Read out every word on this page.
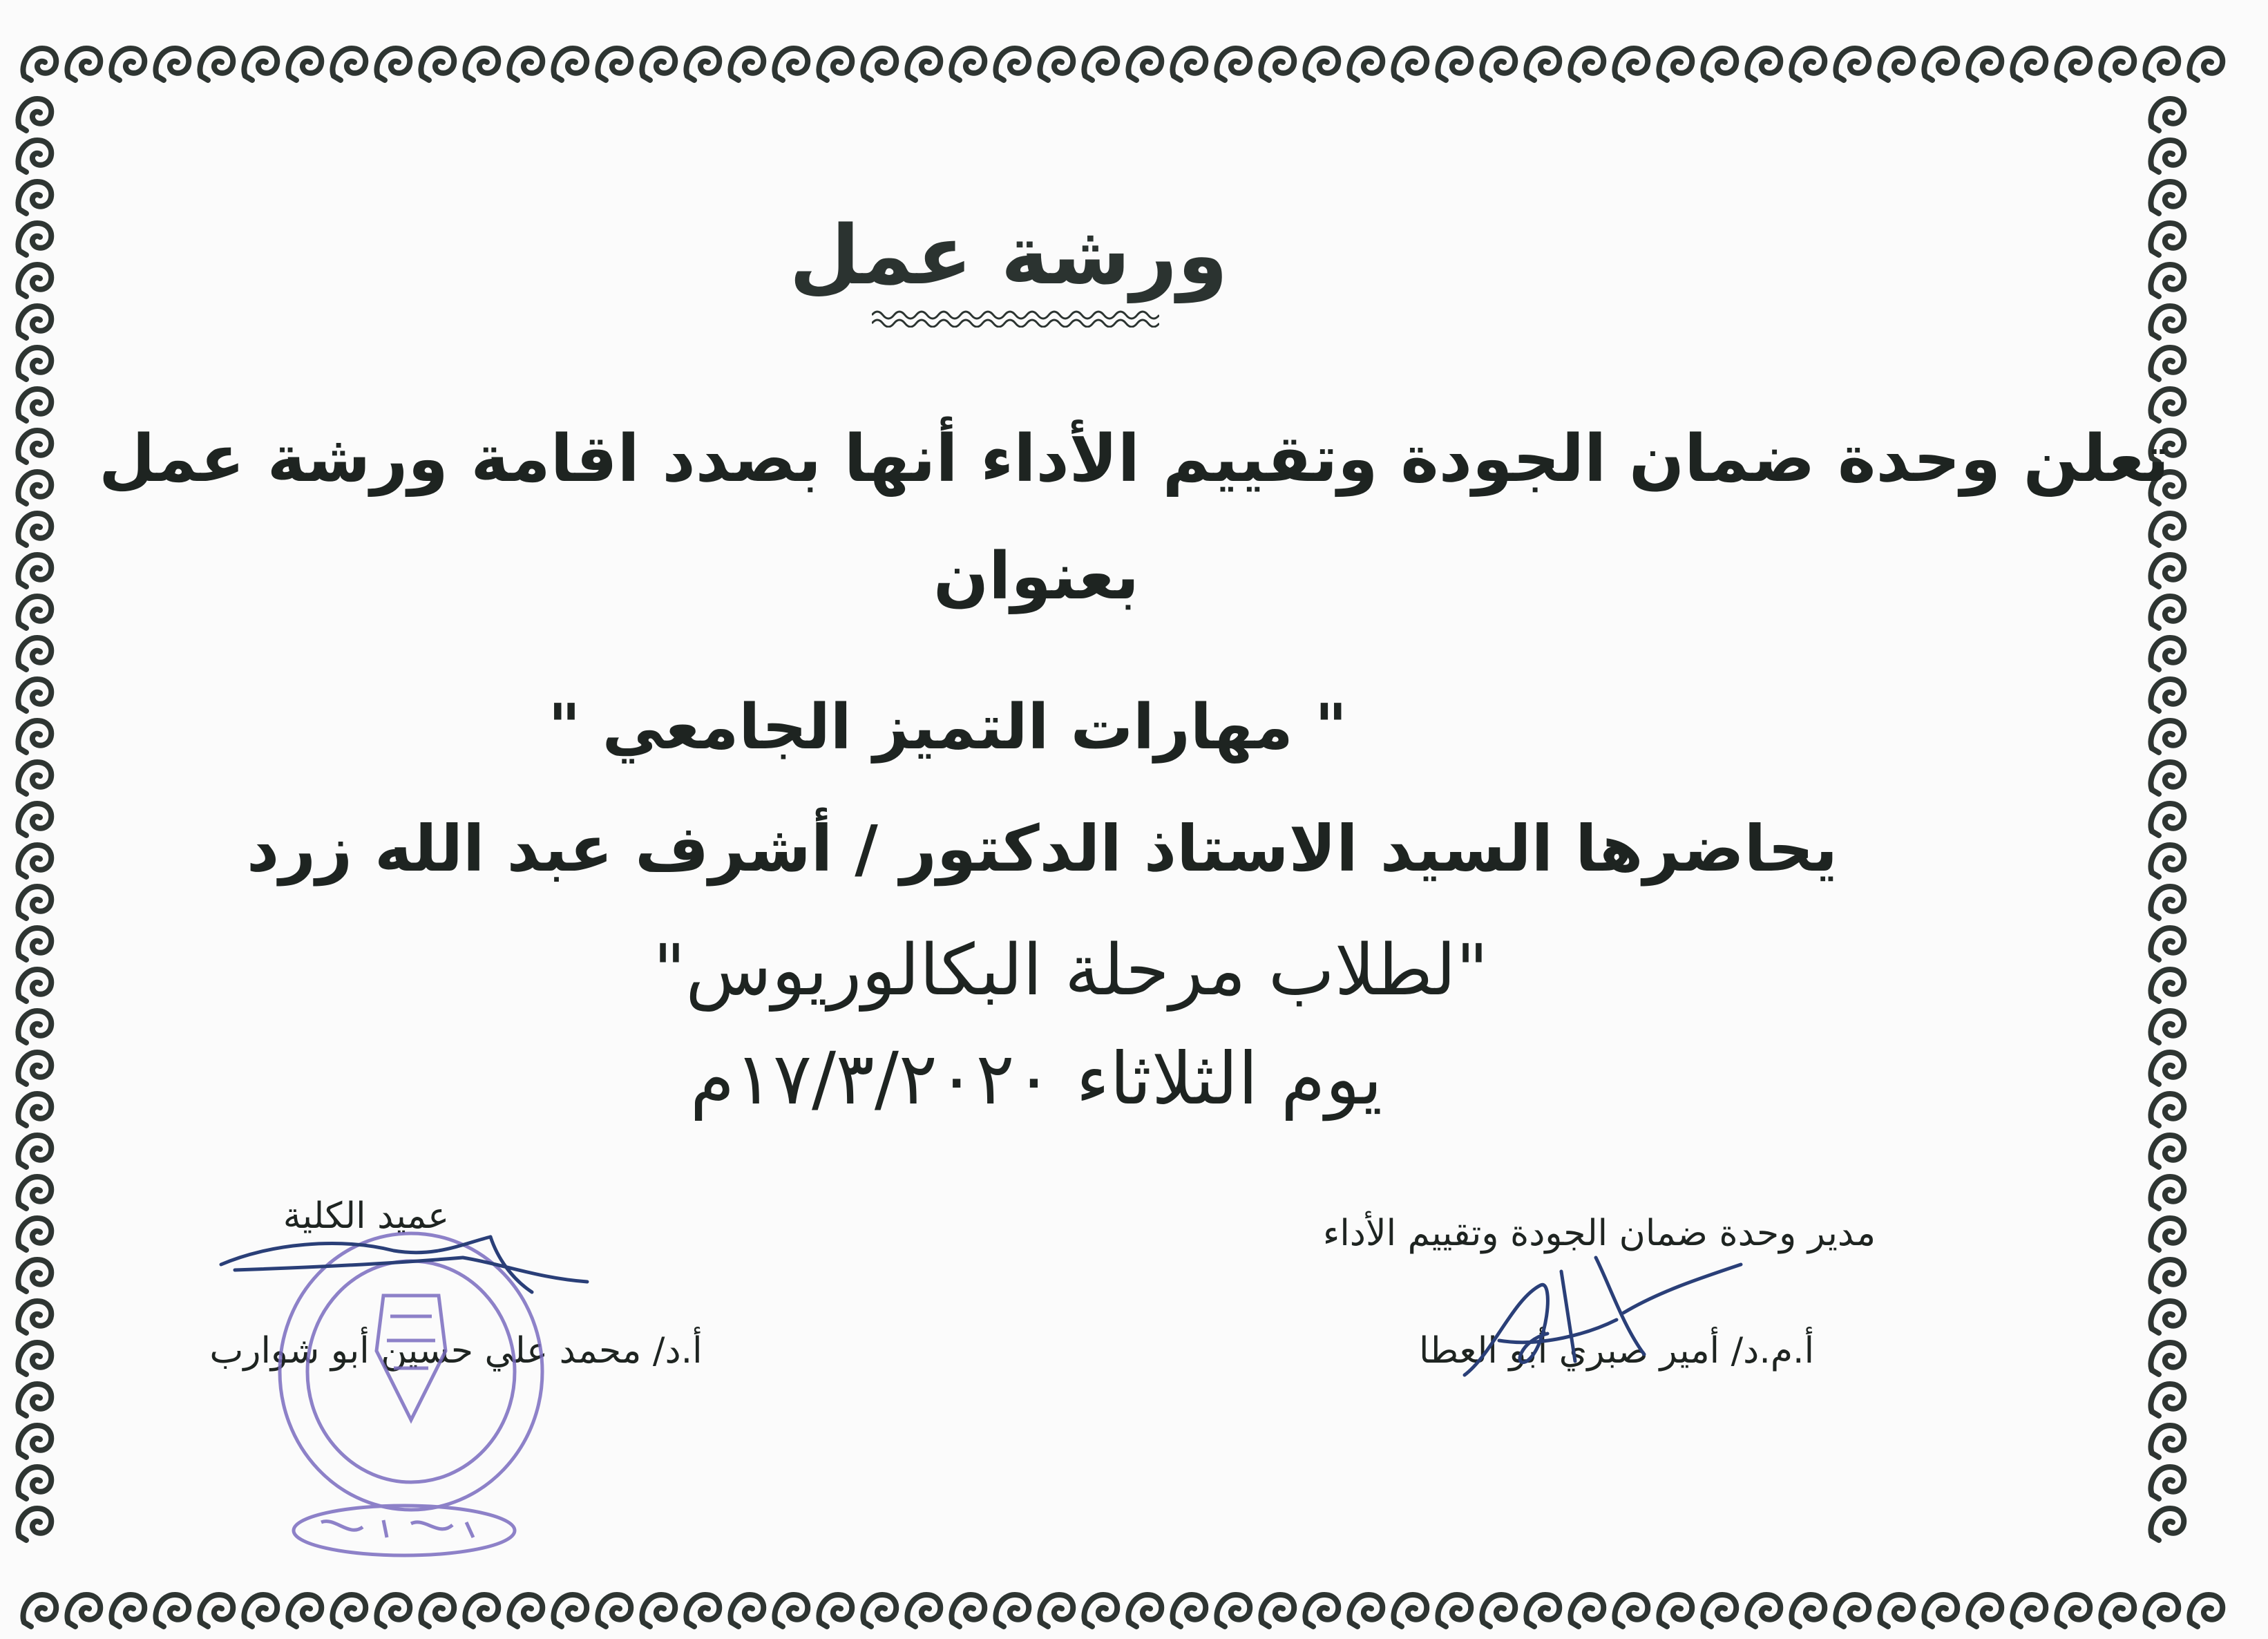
ورشة عمل
تعلن وحدة ضمان الجودة وتقييم الأداء أنها بصدد اقامة ورشة عمل
بعنوان
" مهارات التميز الجامعي "
يحاضرها السيد الاستاذ الدكتور / أشرف عبد الله زرد
"لطلاب مرحلة البكالوريوس"
يوم الثلاثاء ١٧/٣/٢٠٢٠م
مدير وحدة ضمان الجودة وتقييم الأداء
أ.م.د/ أمير صبري أبو العطا
عميد الكلية
أ.د/ محمد علي حسين أبو شوارب
